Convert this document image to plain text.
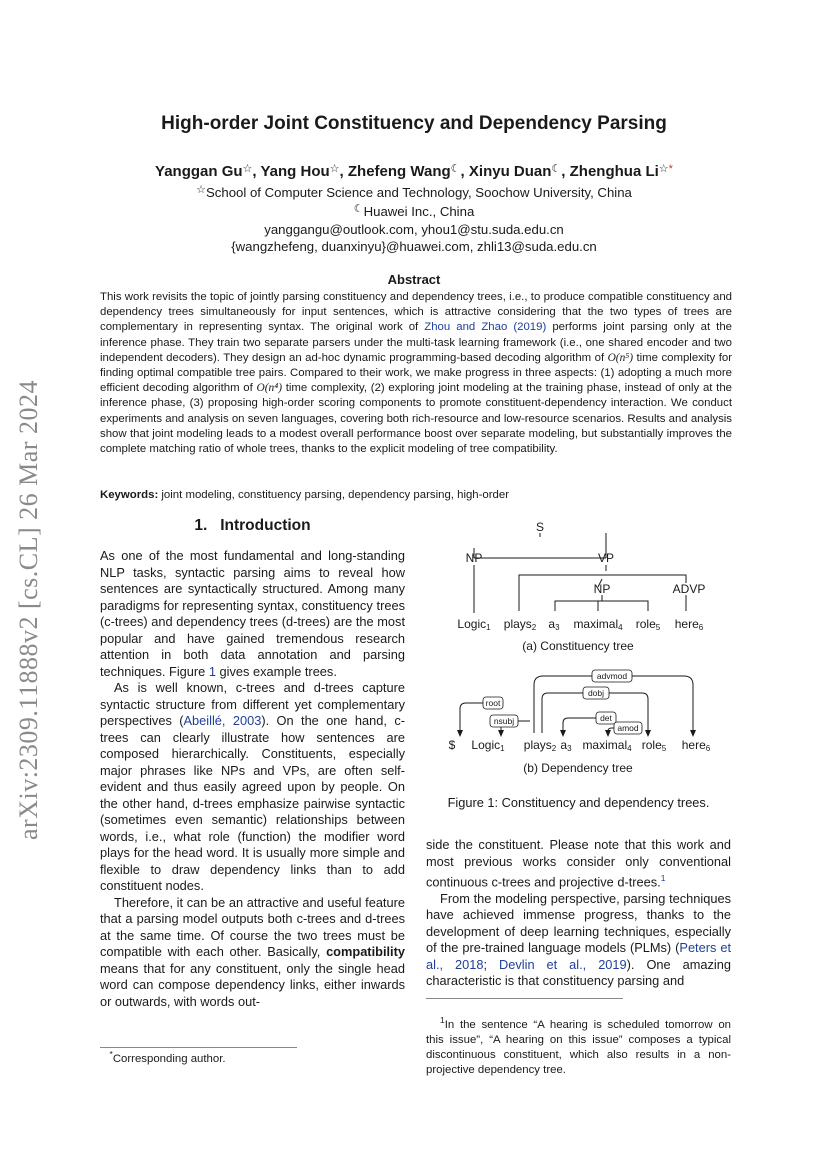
arXiv:2309.11888v2 [cs.CL] 26 Mar 2024
High-order Joint Constituency and Dependency Parsing
Yanggan Gu☆, Yang Hou☆, Zhefeng Wang☾, Xinyu Duan☾, Zhenghua Li☆*
☆School of Computer Science and Technology, Soochow University, China
☾Huawei Inc., China
yanggangu@outlook.com, yhou1@stu.suda.edu.cn
{wangzhefeng, duanxinyu}@huawei.com, zhli13@suda.edu.cn
Abstract

This work revisits the topic of jointly parsing constituency and dependency trees, i.e., to produce compatible constituency and dependency trees simultaneously for input sentences, which is attractive considering that the two types of trees are complementary in representing syntax. The original work of Zhou and Zhao (2019) performs joint parsing only at the inference phase. They train two separate parsers under the multi-task learning framework (i.e., one shared encoder and two independent decoders). They design an ad-hoc dynamic programming-based decoding algorithm of O(n⁵) time complexity for finding optimal compatible tree pairs. Compared to their work, we make progress in three aspects: (1) adopting a much more efficient decoding algorithm of O(n⁴) time complexity, (2) exploring joint modeling at the training phase, instead of only at the inference phase, (3) proposing high-order scoring components to promote constituent-dependency interaction. We conduct experiments and analysis on seven languages, covering both rich-resource and low-resource scenarios. Results and analysis show that joint modeling leads to a modest overall performance boost over separate modeling, but substantially improves the complete matching ratio of whole trees, thanks to the explicit modeling of tree compatibility.

Keywords: joint modeling, constituency parsing, dependency parsing, high-order

1. Introduction

As one of the most fundamental and long-standing NLP tasks, syntactic parsing aims to reveal how sentences are syntactically structured. Among many paradigms for representing syntax, constituency trees (c-trees) and dependency trees (d-trees) are the most popular and have gained tremendous research attention in both data annotation and parsing techniques. Figure 1 gives example trees.

As is well known, c-trees and d-trees capture syntactic structure from different yet complementary perspectives (Abeillé, 2003). On the one hand, c-trees can clearly illustrate how sentences are composed hierarchically. Constituents, especially major phrases like NPs and VPs, are often self-evident and thus easily agreed upon by people. On the other hand, d-trees emphasize pairwise syntactic (sometimes even semantic) relationships between words, i.e., what role (function) the modifier word plays for the head word. It is usually more simple and flexible to draw dependency links than to add constituent nodes.

Therefore, it can be an attractive and useful feature that a parsing model outputs both c-trees and d-trees at the same time. Of course the two trees must be compatible with each other. Basically, compatibility means that for any constituent, only the single head word can compose dependency links, either inwards or outwards, with words out-

*Corresponding author.
S
NP	VP
NP	ADVP
Logic1 plays2 a3 maximal4 role5 here6
(a) Constituency tree
advmod
dobj
root
det
nsubj
amod
$ Logic1 plays2 a3 maximal4 role5 here6
(b) Dependency tree
Figure 1: Constituency and dependency trees.

side the constituent. Please note that this work and most previous works consider only conventional continuous c-trees and projective d-trees.$^1$

From the modeling perspective, parsing techniques have achieved immense progress, thanks to the development of deep learning techniques, especially of the pre-trained language models (PLMs) (Peters et al., 2018; Devlin et al., 2019). One amazing characteristic is that constituency parsing and

$^1$In the sentence “A hearing is scheduled tomorrow on this issue”, “A hearing on this issue” composes a typical discontinuous constituent, which also results in a non-projective dependency tree.
